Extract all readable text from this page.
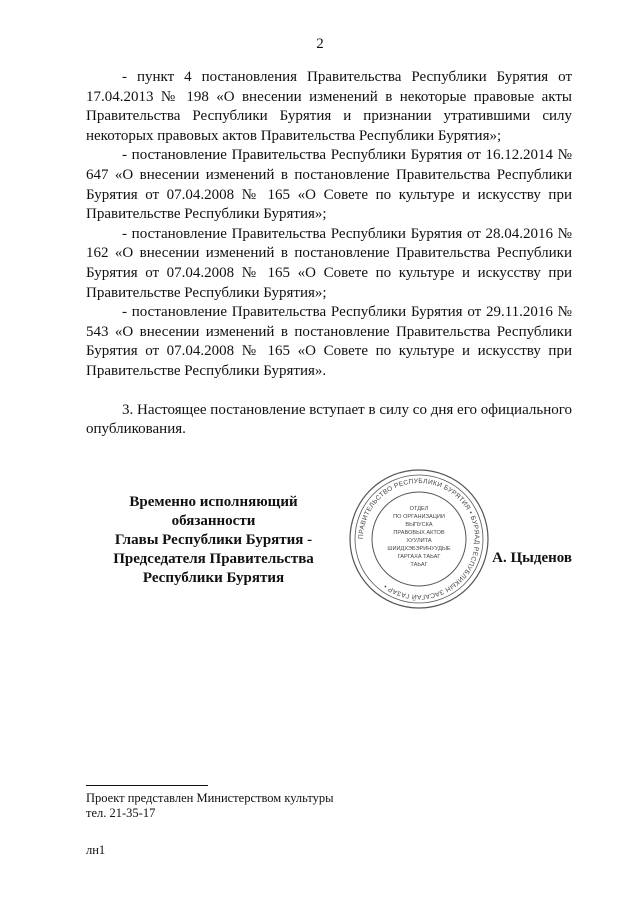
2

- пункт 4 постановления Правительства Республики Бурятия от 17.04.2013 № 198 «О внесении изменений в некоторые правовые акты Правительства Республики Бурятия и признании утратившими силу некоторых правовых актов Правительства Республики Бурятия»;

- постановление Правительства Республики Бурятия от 16.12.2014 № 647 «О внесении изменений в постановление Правительства Республики Бурятия от 07.04.2008 № 165 «О Совете по культуре и искусству при Правительстве Республики Бурятия»;

- постановление Правительства Республики Бурятия от 28.04.2016 № 162 «О внесении изменений в постановление Правительства Республики Бурятия от 07.04.2008 № 165 «О Совете по культуре и искусству при Правительстве Республики Бурятия»;

- постановление Правительства Республики Бурятия от 29.11.2016 № 543 «О внесении изменений в постановление Правительства Республики Бурятия от 07.04.2008 № 165 «О Совете по культуре и искусству при Правительстве Республики Бурятия».

3. Настоящее постановление вступает в силу со дня его официального опубликования.

Временно исполняющий обязанности
Главы Республики Бурятия -
Председателя Правительства
Республики Бурятия
ПРАВИТЕЛЬСТВО РЕСПУБЛИКИ БУРЯТИЯ • БУРЯАД РЕСПУБЛИКЫН ЗАСАГАЙ ГАЗАР •
ОТДЕЛ
ПО ОРГАНИЗАЦИИ
ВЫПУСКА
ПРАВОВЫХ АКТОВ
ХУУЛИТА
ШИИДХЭБЭРИНУУДЫЕ
ГАРГАХА ТАЬАГ
ТАЬАГ	А. Цыденов
Проект представлен Министерством культуры
тел. 21-35-17
лн1
